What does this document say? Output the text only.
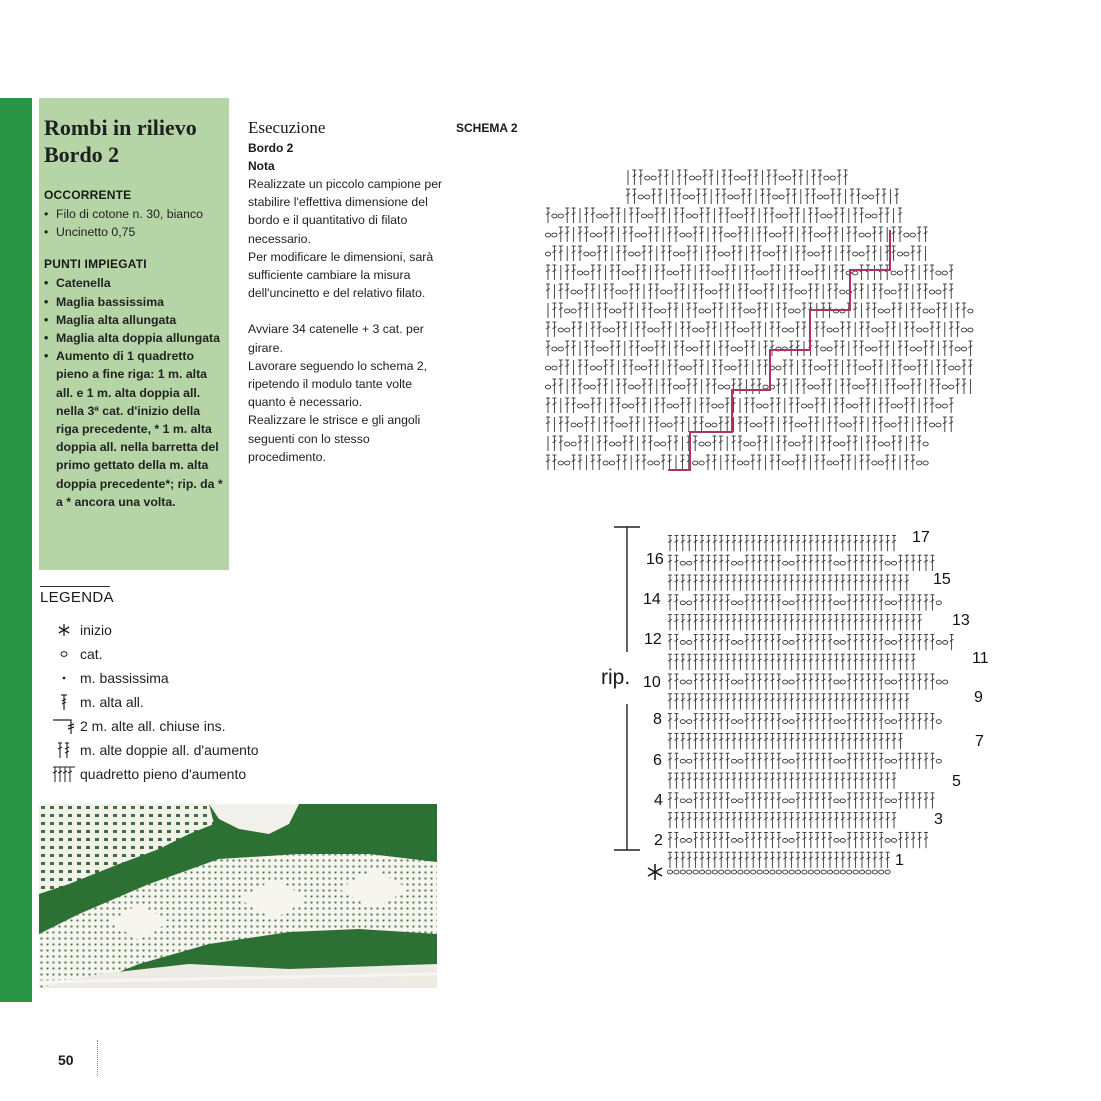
Rombi in rilievo
Bordo 2
OCCORRENTE
• Filo di cotone n. 30, bianco
• Uncinetto 0,75
PUNTI IMPIEGATI
• Catenella
• Maglia bassissima
• Maglia alta allungata
• Maglia alta doppia allungata
• Aumento di 1 quadretto pieno a fine riga: 1 m. alta all. e 1 m. alta doppia all. nella 3ª cat. d'inizio della riga precedente, * 1 m. alta doppia all. nella barretta del primo gettato della m. alta doppia precedente*; rip. da * a * ancora una volta.
LEGENDA
inizio
cat.
m. bassissima
m. alta all.
2 m. alte all. chiuse ins.
m. alte doppie all. d'aumento
quadretto pieno d'aumento
Esecuzione
Bordo 2
Nota
Realizzate un piccolo campione per stabilire l'effettiva dimensione del bordo e il quantitativo di filato necessario.
Per modificare le dimensioni, sarà sufficiente cambiare la misura dell'uncinetto e del relativo filato.
Avviare 34 catenelle + 3 cat. per girare.
Lavorare seguendo lo schema 2, ripetendo il modulo tante volte quanto è necessario.
Realizzare le strisce e gli angoli seguenti con lo stesso procedimento.
SCHEMA 2
rip.
1
2
3
4
5
6
7
8
9
10
11
12
13
14
15
16
17
50
